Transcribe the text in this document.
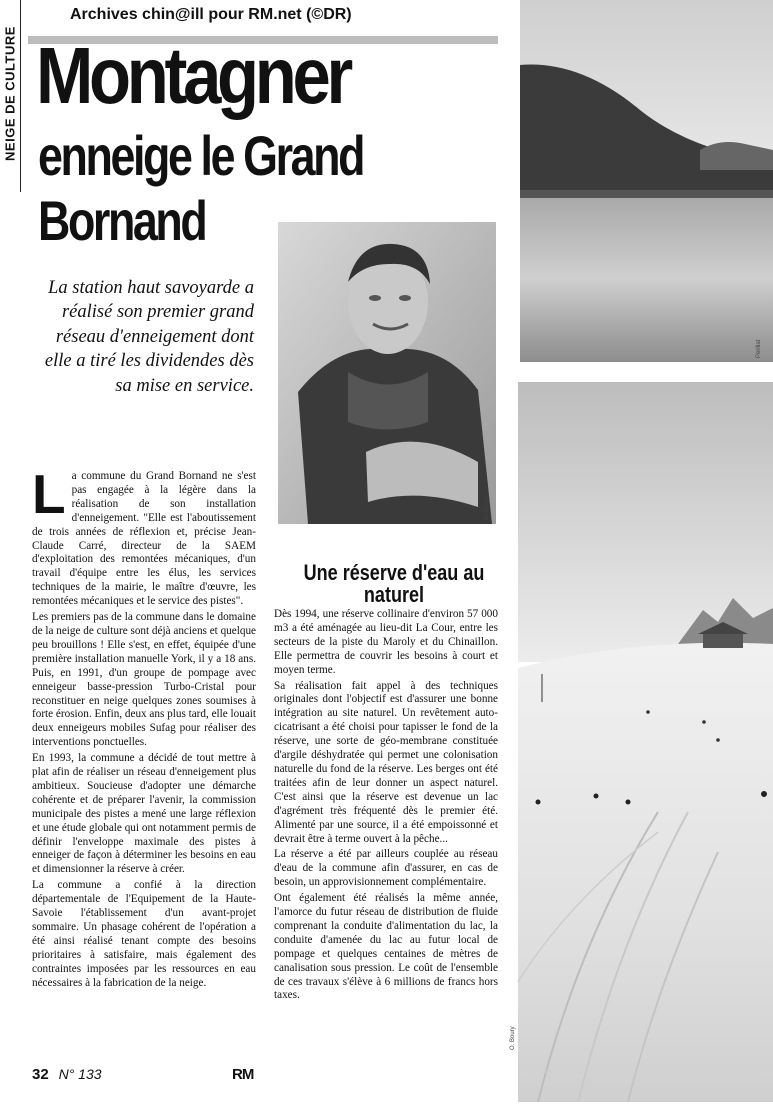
Archives chin@ill pour RM.net (©DR)
NEIGE DE CULTURE Montagner
enneige le Grand
Bornand
La station haut savoyarde a réalisé son premier grand réseau d'enneigement dont elle a tiré les dividendes dès sa mise en service.
O. Boury
Perillat
O. Boury

L a commune du Grand Bornand ne s'est pas engagée à la légère dans la réalisation de son installation d'enneigement. "Elle est l'aboutissement de trois années de réflexion et, précise Jean-Claude Carré, directeur de la SAEM d'exploitation des remontées mécaniques, d'un travail d'équipe entre les élus, les services techniques de la mairie, le maître d'œuvre, les remontées mécaniques et le service des pistes".

Les premiers pas de la commune dans le domaine de la neige de culture sont déjà anciens et quelque peu brouillons ! Elle s'est, en effet, équipée d'une première installation manuelle York, il y a 18 ans. Puis, en 1991, d'un groupe de pompage avec enneigeur basse-pression Turbo-Cristal pour reconstituer en neige quelques zones soumises à forte érosion. Enfin, deux ans plus tard, elle louait deux enneigeurs mobiles Sufag pour réaliser des interventions ponctuelles.

En 1993, la commune a décidé de tout mettre à plat afin de réaliser un réseau d'enneigement plus ambitieux. Soucieuse d'adopter une démarche cohérente et de préparer l'avenir, la commission municipale des pistes a mené une large réflexion et une étude globale qui ont notamment permis de définir l'enveloppe maximale des pistes à enneiger de façon à déterminer les besoins en eau et dimensionner la réserve à créer.

La commune a confié à la direction départementale de l'Equipement de la Haute-Savoie l'établissement d'un avant-projet sommaire. Un phasage cohérent de l'opération a été ainsi réalisé tenant compte des besoins prioritaires à satisfaire, mais également des contraintes imposées par les ressources en eau nécessaires à la fabrication de la neige.

Une réserve d'eau au naturel

Dès 1994, une réserve collinaire d'environ 57 000 m3 a été aménagée au lieu-dit La Cour, entre les secteurs de la piste du Maroly et du Chinaillon. Elle permettra de couvrir les besoins à court et moyen terme.

Sa réalisation fait appel à des techniques originales dont l'objectif est d'assurer une bonne intégration au site naturel. Un revêtement auto-cicatrisant a été choisi pour tapisser le fond de la réserve, une sorte de géo-membrane constituée d'argile déshydratée qui permet une colonisation naturelle du fond de la réserve. Les berges ont été traitées afin de leur donner un aspect naturel. C'est ainsi que la réserve est devenue un lac d'agrément très fréquenté dès le premier été. Alimenté par une source, il a été empoissonné et devrait être à terme ouvert à la pêche...

La réserve a été par ailleurs couplée au réseau d'eau de la commune afin d'assurer, en cas de besoin, un approvisionnement complémentaire.

Ont également été réalisés la même année, l'amorce du futur réseau de distribution de fluide comprenant la conduite d'alimentation du lac, la conduite d'amenée du lac au futur local de pompage et quelques centaines de mètres de canalisation sous pression. Le coût de l'ensemble de ces travaux s'élève à 6 millions de francs hors taxes.

32 N° 133	RM
